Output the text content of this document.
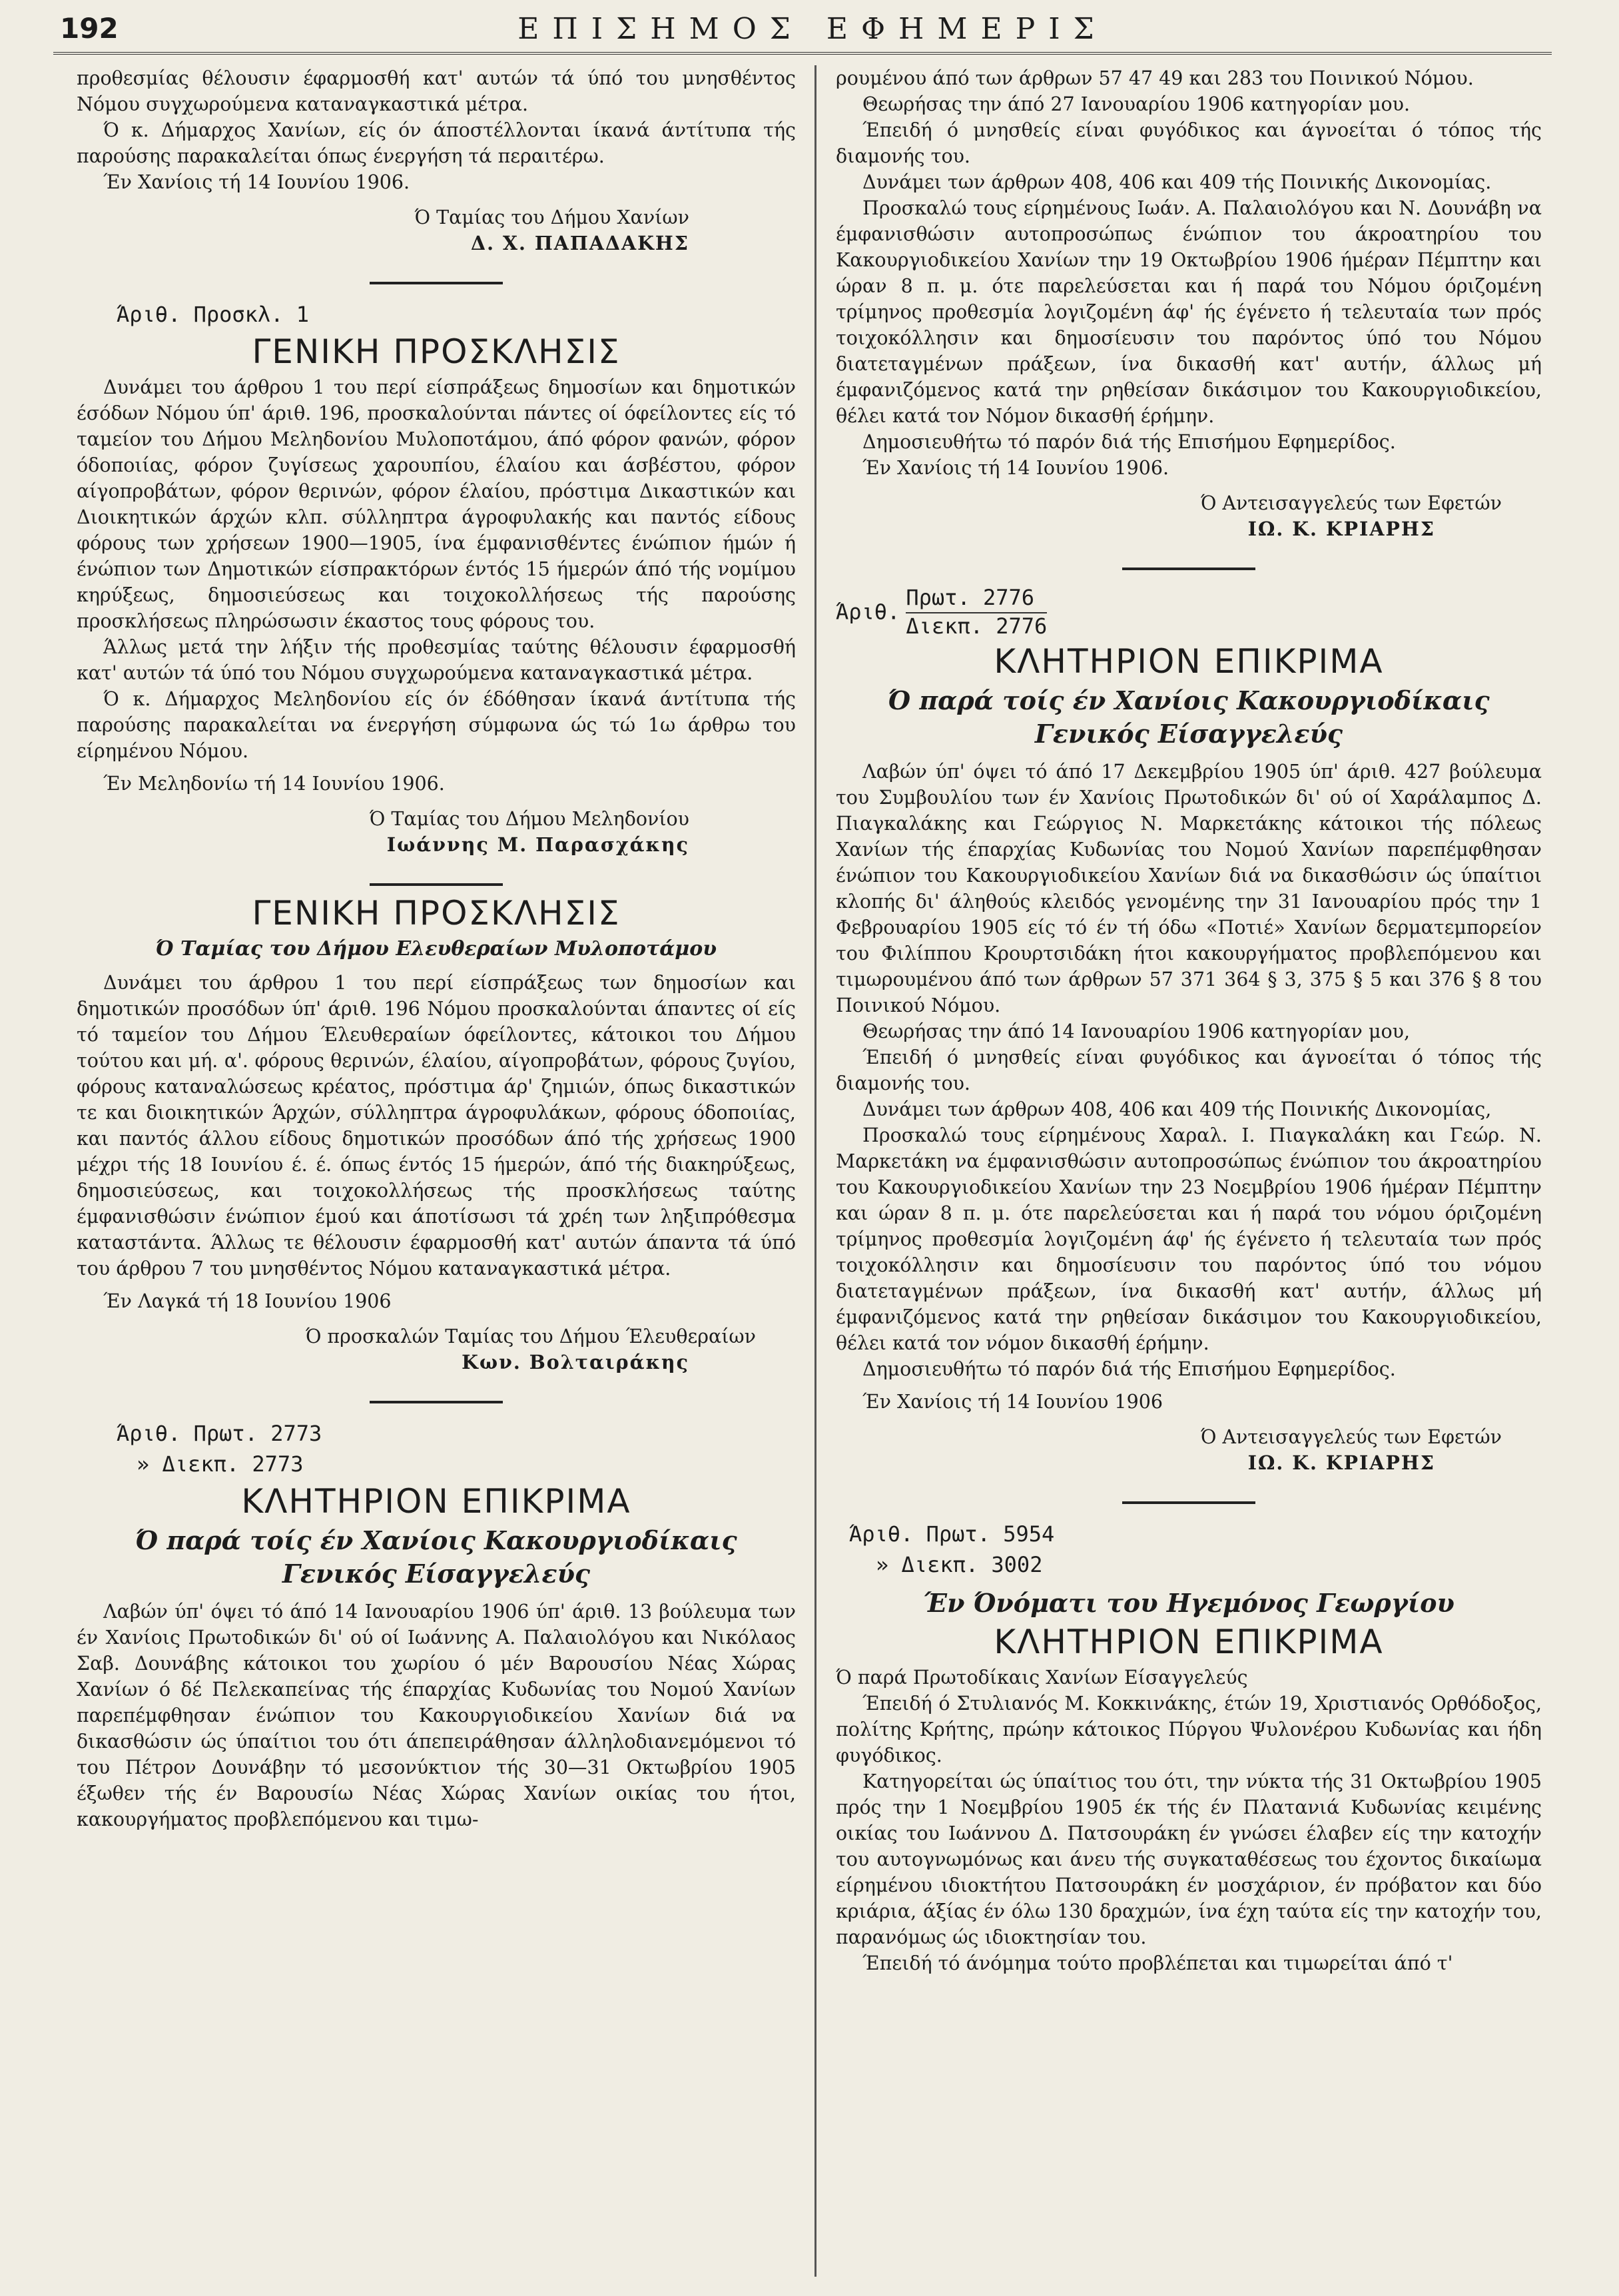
192	ΕΠΙΣΗΜΟΣ ΕΦΗΜΕΡΙΣ

προθεσμίας θέλουσιν έφαρμοσθή κατ' αυτών τά ύπό του μνησθέντος Νόμου συγχωρούμενα καταναγκαστικά μέτρα.

Ό κ. Δήμαρχος Χανίων, είς όν άποστέλλονται ίκανά άντίτυπα τής παρούσης παρακαλείται όπως ένεργήση τά περαιτέρω.

Έν Χανίοις τή 14 Ιουνίου 1906.

Ό Ταμίας του Δήμου Χανίων

Δ. Χ. ΠΑΠΑΔΑΚΗΣ

Άριθ. Προσκλ. 1
ΓΕΝΙΚΗ ΠΡΟΣΚΛΗΣΙΣ

Δυνάμει του άρθρου 1 του περί είσπράξεως δημοσίων και δημοτικών έσόδων Νόμου ύπ' άριθ. 196, προσκαλούνται πάντες οί όφείλοντες είς τό ταμείον του Δήμου Μεληδονίου Μυλοποτάμου, άπό φόρον φανών, φόρον όδοποιίας, φόρον ζυγίσεως χαρουπίου, έλαίου και άσβέστου, φόρον αίγοπροβάτων, φόρον θερινών, φόρον έλαίου, πρόστιμα Δικαστικών και Διοικητικών άρχών κλπ. σύλληπτρα άγροφυλακής και παντός είδους φόρους των χρήσεων 1900—1905, ίνα έμφανισθέντες ένώπιον ήμών ή ένώπιον των Δημοτικών είσπρακτόρων έντός 15 ήμερών άπό τής νομίμου κηρύξεως, δημοσιεύσεως και τοιχοκολλήσεως τής παρούσης προσκλήσεως πληρώσωσιν έκαστος τους φόρους του.

Άλλως μετά την λήξιν τής προθεσμίας ταύτης θέλουσιν έφαρμοσθή κατ' αυτών τά ύπό του Νόμου συγχωρούμενα καταναγκαστικά μέτρα.

Ό κ. Δήμαρχος Μεληδονίου είς όν έδόθησαν ίκανά άντίτυπα τής παρούσης παρακαλείται να ένεργήση σύμφωνα ώς τώ 1ω άρθρω του είρημένου Νόμου.

Έν Μεληδονίω τή 14 Ιουνίου 1906.

Ό Ταμίας του Δήμου Μεληδονίου

Ιωάννης Μ. Παρασχάκης

ΓΕΝΙΚΗ ΠΡΟΣΚΛΗΣΙΣ

Ό Ταμίας του Δήμου Ελευθεραίων Μυλοποτάμου

Δυνάμει του άρθρου 1 του περί είσπράξεως των δημοσίων και δημοτικών προσόδων ύπ' άριθ. 196 Νόμου προσκαλούνται άπαντες οί είς τό ταμείον του Δήμου Έλευθεραίων όφείλοντες, κάτοικοι του Δήμου τούτου και μή. α'. φόρους θερινών, έλαίου, αίγοπροβάτων, φόρους ζυγίου, φόρους καταναλώσεως κρέατος, πρόστιμα άρ' ζημιών, όπως δικαστικών τε και διοικητικών Άρχών, σύλληπτρα άγροφυλάκων, φόρους όδοποιίας, και παντός άλλου είδους δημοτικών προσόδων άπό τής χρήσεως 1900 μέχρι τής 18 Ιουνίου έ. έ. όπως έντός 15 ήμερών, άπό τής διακηρύξεως, δημοσιεύσεως, και τοιχοκολλήσεως τής προσκλήσεως ταύτης έμφανισθώσιν ένώπιον έμού και άποτίσωσι τά χρέη των ληξιπρόθεσμα καταστάντα. Άλλως τε θέλουσιν έφαρμοσθή κατ' αυτών άπαντα τά ύπό του άρθρου 7 του μνησθέντος Νόμου καταναγκαστικά μέτρα.

Έν Λαγκά τή 18 Ιουνίου 1906

Ό προσκαλών Ταμίας του Δήμου Έλευθεραίων

Κων. Βολταιράκης

Άριθ. Πρωτ. 2773
» Διεκπ. 2773
ΚΛΗΤΗΡΙΟΝ ΕΠΙΚΡΙΜΑ

Ό παρά τοίς έν Χανίοις Κακουργιοδίκαις

Γενικός Είσαγγελεύς

Λαβών ύπ' όψει τό άπό 14 Ιανουαρίου 1906 ύπ' άριθ. 13 βούλευμα των έν Χανίοις Πρωτοδικών δι' ού οί Ιωάννης Α. Παλαιολόγου και Νικόλαος Σαβ. Δουνάβης κάτοικοι του χωρίου ό μέν Βαρουσίου Νέας Χώρας Χανίων ό δέ Πελεκαπείνας τής έπαρχίας Κυδωνίας του Νομού Χανίων παρεπέμφθησαν ένώπιον του Κακουργιοδικείου Χανίων διά να δικασθώσιν ώς ύπαίτιοι του ότι άπεπειράθησαν άλληλοδιανεμόμενοι τό του Πέτρον Δουνάβην τό μεσονύκτιον τής 30—31 Οκτωβρίου 1905 έξωθεν τής έν Βαρουσίω Νέας Χώρας Χανίων οικίας του ήτοι, κακουργήματος προβλεπόμενου και τιμω-

ρουμένου άπό των άρθρων 57 47 49 και 283 του Ποινικού Νόμου.

Θεωρήσας την άπό 27 Ιανουαρίου 1906 κατηγορίαν μου.

Έπειδή ό μνησθείς είναι φυγόδικος και άγνοείται ό τόπος τής διαμονής του.

Δυνάμει των άρθρων 408, 406 και 409 τής Ποινικής Δικονομίας.

Προσκαλώ τους είρημένους Ιωάν. Α. Παλαιολόγου και Ν. Δουνάβη να έμφανισθώσιν αυτοπροσώπως ένώπιον του άκροατηρίου του Κακουργιοδικείου Χανίων την 19 Οκτωβρίου 1906 ήμέραν Πέμπτην και ώραν 8 π. μ. ότε παρελεύσεται και ή παρά του Νόμου όριζομένη τρίμηνος προθεσμία λογιζομένη άφ' ής έγένετο ή τελευταία των πρός τοιχοκόλλησιν και δημοσίευσιν του παρόντος ύπό του Νόμου διατεταγμένων πράξεων, ίνα δικασθή κατ' αυτήν, άλλως μή έμφανιζόμενος κατά την ρηθείσαν δικάσιμον του Κακουργιοδικείου, θέλει κατά τον Νόμον δικασθή έρήμην.

Δημοσιευθήτω τό παρόν διά τής Επισήμου Εφημερίδος.

Έν Χανίοις τή 14 Ιουνίου 1906.

Ό Αντεισαγγελεύς των Εφετών

ΙΩ. Κ. ΚΡΙΑΡΗΣ

Άριθ.
Πρωτ. 2776
Διεκπ. 2776
ΚΛΗΤΗΡΙΟΝ ΕΠΙΚΡΙΜΑ

Ό παρά τοίς έν Χανίοις Κακουργιοδίκαις

Γενικός Είσαγγελεύς

Λαβών ύπ' όψει τό άπό 17 Δεκεμβρίου 1905 ύπ' άριθ. 427 βούλευμα του Συμβουλίου των έν Χανίοις Πρωτοδικών δι' ού οί Χαράλαμπος Δ. Πιαγκαλάκης και Γεώργιος Ν. Μαρκετάκης κάτοικοι τής πόλεως Χανίων τής έπαρχίας Κυδωνίας του Νομού Χανίων παρεπέμφθησαν ένώπιον του Κακουργιοδικείου Χανίων διά να δικασθώσιν ώς ύπαίτιοι κλοπής δι' άληθούς κλειδός γενομένης την 31 Ιανουαρίου πρός την 1 Φεβρουαρίου 1905 είς τό έν τή όδω «Ποτιέ» Χανίων δερματεμπορείον του Φιλίππου Κρουρτσιδάκη ήτοι κακουργήματος προβλεπόμενου και τιμωρουμένου άπό των άρθρων 57 371 364 § 3, 375 § 5 και 376 § 8 του Ποινικού Νόμου.

Θεωρήσας την άπό 14 Ιανουαρίου 1906 κατηγορίαν μου,

Έπειδή ό μνησθείς είναι φυγόδικος και άγνοείται ό τόπος τής διαμονής του.

Δυνάμει των άρθρων 408, 406 και 409 τής Ποινικής Δικονομίας,

Προσκαλώ τους είρημένους Χαραλ. Ι. Πιαγκαλάκη και Γεώρ. Ν. Μαρκετάκη να έμφανισθώσιν αυτοπροσώπως ένώπιον του άκροατηρίου του Κακουργιοδικείου Χανίων την 23 Νοεμβρίου 1906 ήμέραν Πέμπτην και ώραν 8 π. μ. ότε παρελεύσεται και ή παρά του νόμου όριζομένη τρίμηνος προθεσμία λογιζομένη άφ' ής έγένετο ή τελευταία των πρός τοιχοκόλλησιν και δημοσίευσιν του παρόντος ύπό του νόμου διατεταγμένων πράξεων, ίνα δικασθή κατ' αυτήν, άλλως μή έμφανιζόμενος κατά την ρηθείσαν δικάσιμον του Κακουργιοδικείου, θέλει κατά τον νόμον δικασθή έρήμην.

Δημοσιευθήτω τό παρόν διά τής Επισήμου Εφημερίδος.

Έν Χανίοις τή 14 Ιουνίου 1906

Ό Αντεισαγγελεύς των Εφετών

ΙΩ. Κ. ΚΡΙΑΡΗΣ

Άριθ. Πρωτ. 5954
» Διεκπ. 3002

Έν Όνόματι του Ηγεμόνος Γεωργίου

ΚΛΗΤΗΡΙΟΝ ΕΠΙΚΡΙΜΑ

Ό παρά Πρωτοδίκαις Χανίων Είσαγγελεύς

Έπειδή ό Στυλιανός Μ. Κοκκινάκης, έτών 19, Χριστιανός Ορθόδοξος, πολίτης Κρήτης, πρώην κάτοικος Πύργου Ψυλονέρου Κυδωνίας και ήδη φυγόδικος.

Κατηγορείται ώς ύπαίτιος του ότι, την νύκτα τής 31 Οκτωβρίου 1905 πρός την 1 Νοεμβρίου 1905 έκ τής έν Πλατανιά Κυδωνίας κειμένης οικίας του Ιωάννου Δ. Πατσουράκη έν γνώσει έλαβεν είς την κατοχήν του αυτογνωμόνως και άνευ τής συγκαταθέσεως του έχοντος δικαίωμα είρημένου ιδιοκτήτου Πατσουράκη έν μοσχάριον, έν πρόβατον και δύο κριάρια, άξίας έν όλω 130 δραχμών, ίνα έχη ταύτα είς την κατοχήν του, παρανόμως ώς ιδιοκτησίαν του.

Έπειδή τό άνόμημα τούτο προβλέπεται και τιμωρείται άπό τ'
